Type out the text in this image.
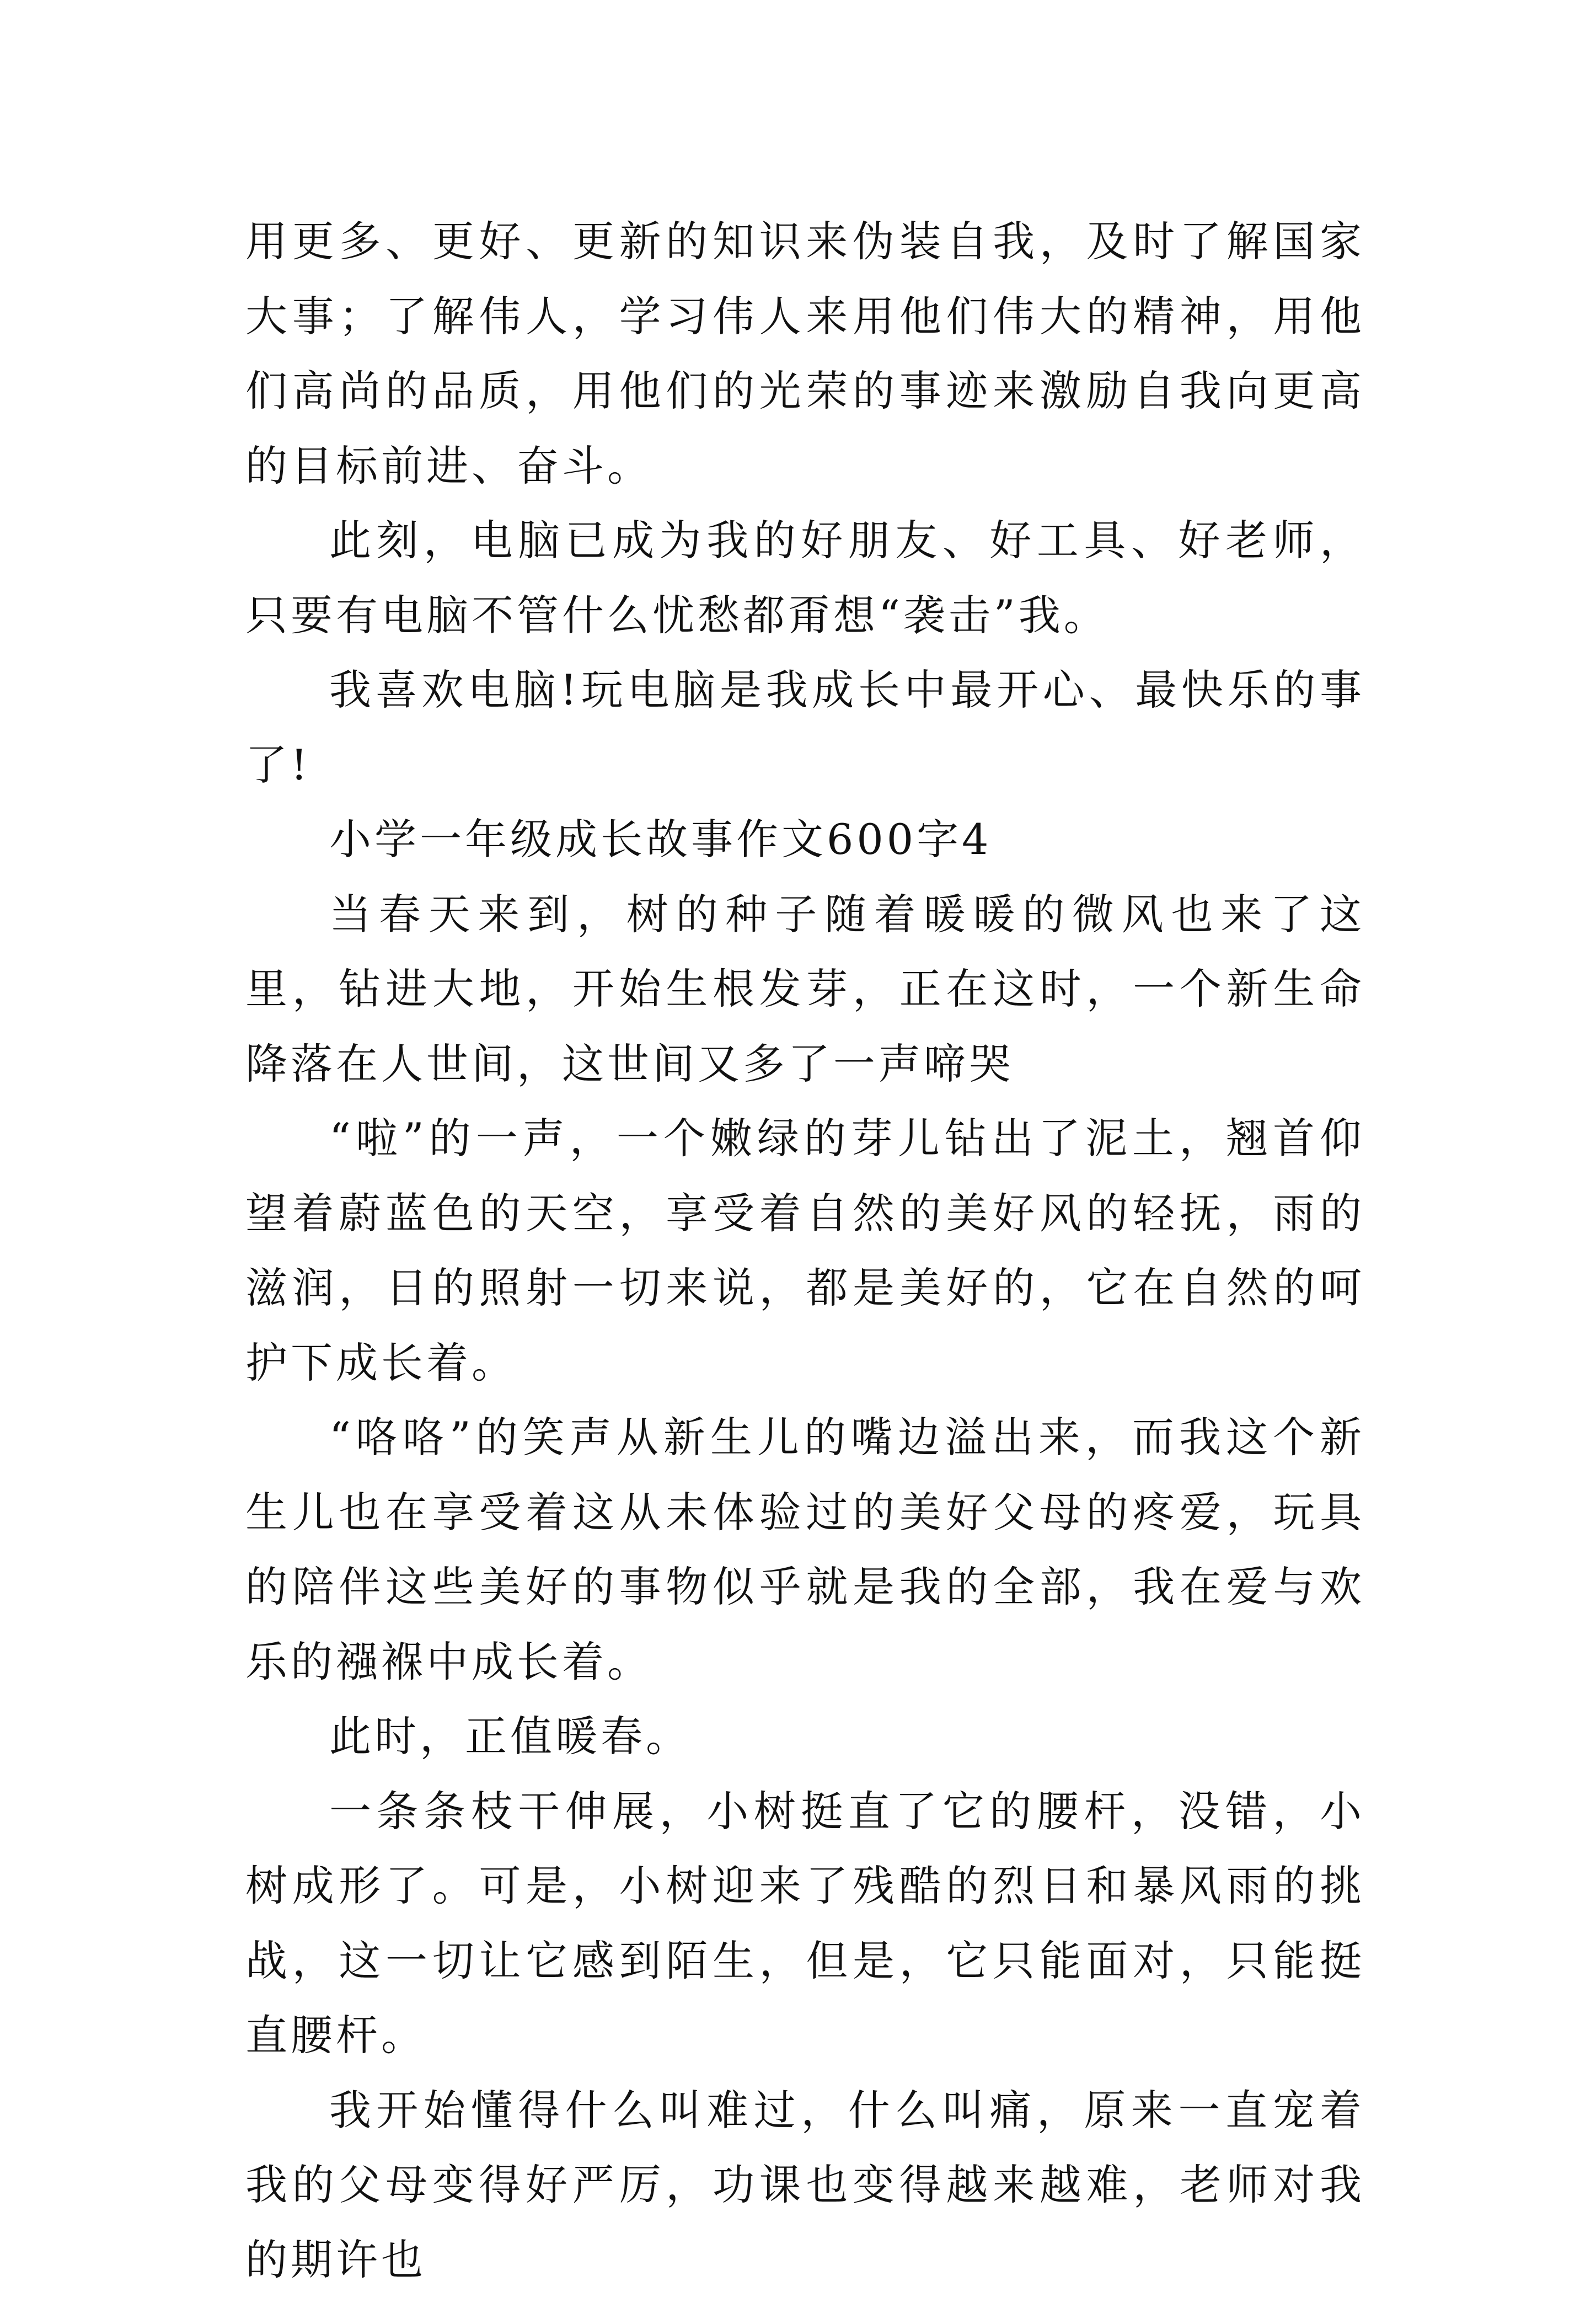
用更多、更好、更新的知识来伪装自我，及时了解国家大事；了解伟人，学习伟人来用他们伟大的精神，用他们高尚的品质，用他们的光荣的事迹来激励自我向更高的目标前进、奋斗。

此刻，电脑已成为我的好朋友、好工具、好老师，只要有电脑不管什么忧愁都甭想“袭击”我。

我喜欢电脑!玩电脑是我成长中最开心、最快乐的事了!

小学一年级成长故事作文600字4

当春天来到，树的种子随着暖暖的微风也来了这里，钻进大地，开始生根发芽，正在这时，一个新生命降落在人世间，这世间又多了一声啼哭

“啦”的一声，一个嫩绿的芽儿钻出了泥土，翘首仰望着蔚蓝色的天空，享受着自然的美好风的轻抚，雨的滋润，日的照射一切来说，都是美好的，它在自然的呵护下成长着。

“咯咯”的笑声从新生儿的嘴边溢出来，而我这个新生儿也在享受着这从未体验过的美好父母的疼爱，玩具的陪伴这些美好的事物似乎就是我的全部，我在爱与欢乐的襁褓中成长着。

此时，正值暖春。

一条条枝干伸展，小树挺直了它的腰杆，没错，小树成形了。可是，小树迎来了残酷的烈日和暴风雨的挑战，这一切让它感到陌生，但是，它只能面对，只能挺直腰杆。

我开始懂得什么叫难过，什么叫痛，原来一直宠着我的父母变得好严厉，功课也变得越来越难，老师对我的期许也
